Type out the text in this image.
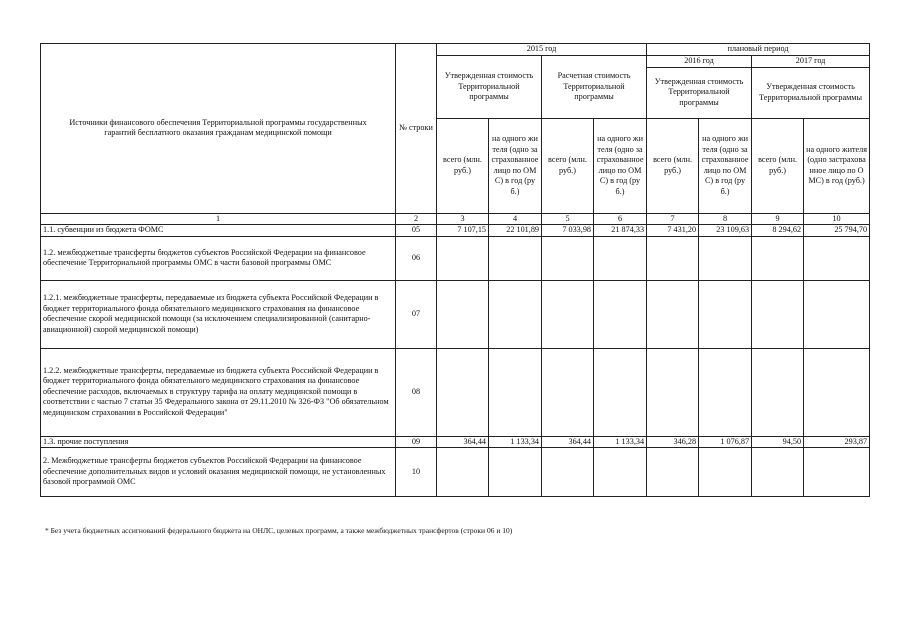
Источники финансового обеспечения Территориальной программы государственных гарантий бесплатного оказания гражданам медицинской помощи	№ строки	2015 год				плановый период			
		Утвержденная стоимость Территориальной программы		Расчетная стоимость Территориальной программы		2016 год		2017 год	
						Утвержденная стоимость Территориальной программы		Утвержденная стоимость Территориальной программы	
		всего (млн. руб.)	на одного жителя (одно застрахованное лицо по ОМС) в год (руб.)	всего (млн. руб.)	на одного жителя (одно застрахованное лицо по ОМС) в год (руб.)	всего (млн. руб.)	на одного жителя (одно застрахованное лицо по ОМС) в год (руб.)	всего (млн. руб.)	на одного жителя (одно застрахованное лицо по ОМС) в год (руб.)
1	2	3	4	5	6	7	8	9	10
1.1. субвенции из бюджета ФОМС	05	7 107,15	22 101,89	7 033,98	21 874,33	7 431,20	23 109,63	8 294,62	25 794,70
1.2. межбюджетные трансферты бюджетов субъектов Российской Федерации на финансовое обеспечение Территориальной программы ОМС в части базовой программы ОМС	06								
1.2.1. межбюджетные трансферты, передаваемые из бюджета субъекта Российской Федерации в бюджет территориального фонда обязательного медицинского страхования на финансовое обеспечение скорой медицинской помощи (за исключением специализированной (санитарно-авиационной) скорой медицинской помощи)	07								
1.2.2. межбюджетные трансферты, передаваемые из бюджета субъекта Российской Федерации в бюджет территориального фонда обязательного медицинского страхования на финансовое обеспечение расходов, включаемых в структуру тарифа на оплату медицинской помощи в соответствии с частью 7 статьи 35 Федерального закона от 29.11.2010 № 326-ФЗ "Об обязательном медицинском страховании в Российской Федерации"	08								
1.3. прочие поступления	09	364,44	1 133,34	364,44	1 133,34	346,28	1 076,87	94,50	293,87
2. Межбюджетные трансферты бюджетов субъектов Российской Федерации на финансовое обеспечение дополнительных видов и условий оказания медицинской помощи, не установленных базовой программой ОМС	10								
* Без учета бюджетных ассигнований федерального бюджета на ОНЛС, целевых программ, а также межбюджетных трансфертов (строки 06 и 10)
